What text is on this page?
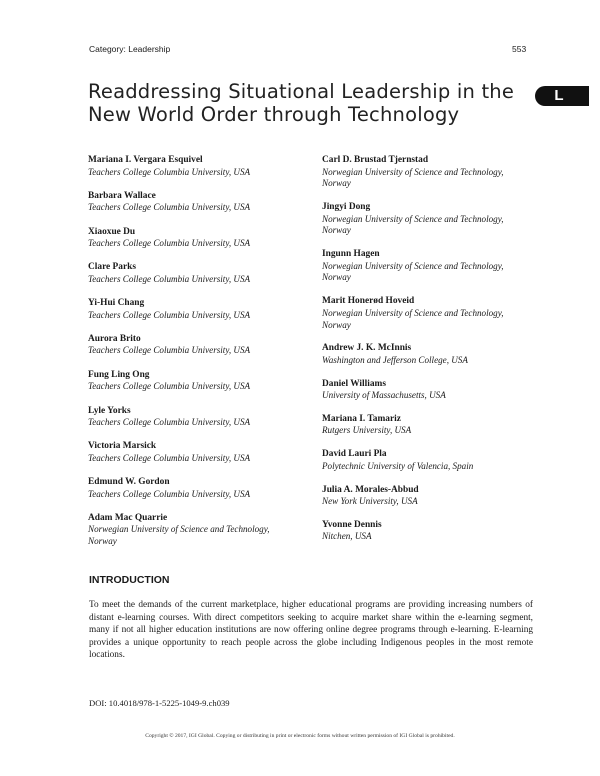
Category: Leadership	553
Readdressing Situational Leadership in the New World Order through Technology
L
Mariana I. Vergara Esquivel
Teachers College Columbia University, USA
Barbara Wallace
Teachers College Columbia University, USA
Xiaoxue Du
Teachers College Columbia University, USA
Clare Parks
Teachers College Columbia University, USA
Yi-Hui Chang
Teachers College Columbia University, USA
Aurora Brito
Teachers College Columbia University, USA
Fung Ling Ong
Teachers College Columbia University, USA
Lyle Yorks
Teachers College Columbia University, USA
Victoria Marsick
Teachers College Columbia University, USA
Edmund W. Gordon
Teachers College Columbia University, USA
Adam Mac Quarrie
Norwegian University of Science and Technology, Norway
Carl D. Brustad Tjernstad
Norwegian University of Science and Technology, Norway
Jingyi Dong
Norwegian University of Science and Technology, Norway
Ingunn Hagen
Norwegian University of Science and Technology, Norway
Marit Honerød Hoveid
Norwegian University of Science and Technology, Norway
Andrew J. K. McInnis
Washington and Jefferson College, USA
Daniel Williams
University of Massachusetts, USA
Mariana I. Tamariz
Rutgers University, USA
David Lauri Pla
Polytechnic University of Valencia, Spain
Julia A. Morales-Abbud
New York University, USA
Yvonne Dennis
Nitchen, USA
INTRODUCTION
To meet the demands of the current marketplace, higher educational programs are providing increasing numbers of distant e-learning courses. With direct competitors seeking to acquire market share within the e-learning segment, many if not all higher education institutions are now offering online degree programs through e-learning. E-learning provides a unique opportunity to reach people across the globe including Indigenous peoples in the most remote locations.
DOI: 10.4018/978-1-5225-1049-9.ch039
Copyright © 2017, IGI Global. Copying or distributing in print or electronic forms without written permission of IGI Global is prohibited.
